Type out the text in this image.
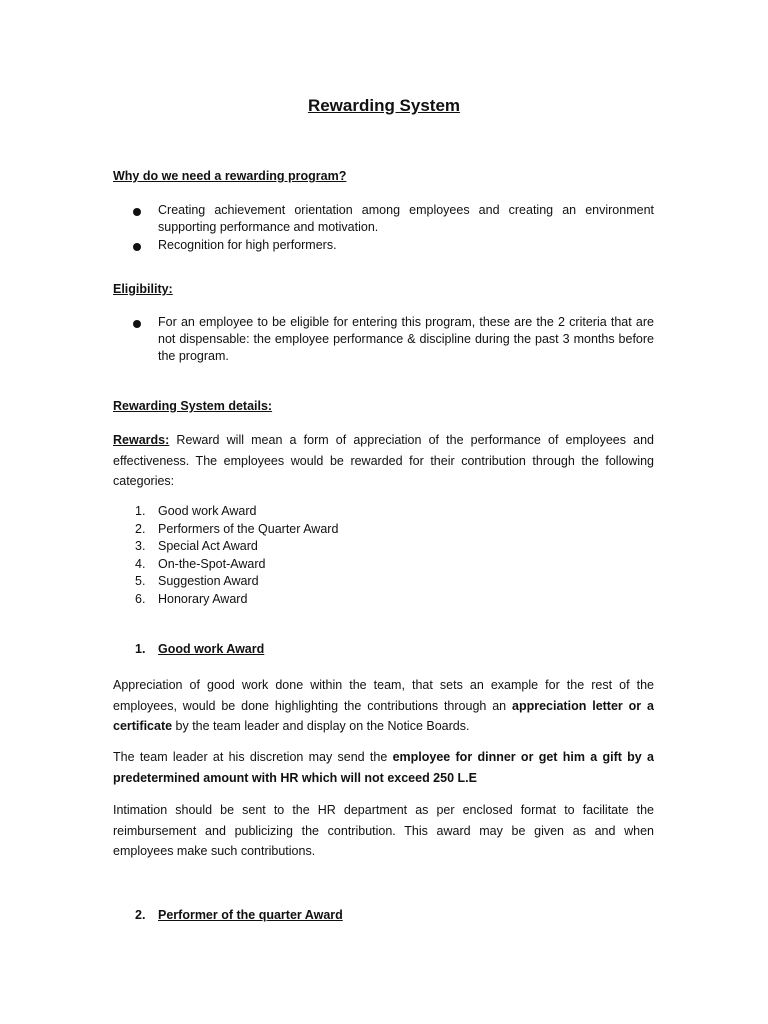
Rewarding System
Why do we need a rewarding program?
Creating achievement orientation among employees and creating an environment supporting performance and motivation.
Recognition for high performers.
Eligibility:
For an employee to be eligible for entering this program, these are the 2 criteria that are not dispensable: the employee performance & discipline during the past 3 months before the program.
Rewarding System details:
Rewards: Reward will mean a form of appreciation of the performance of employees and effectiveness. The employees would be rewarded for their contribution through the following categories:
1.	Good work Award
2.	Performers of the Quarter Award
3.	Special Act Award
4.	On-the-Spot-Award
5.	Suggestion Award
6.	Honorary Award
1. Good work Award
Appreciation of good work done within the team, that sets an example for the rest of the employees, would be done highlighting the contributions through an appreciation letter or a certificate by the team leader and display on the Notice Boards.
The team leader at his discretion may send the employee for dinner or get him a gift by a predetermined amount with HR which will not exceed 250 L.E
Intimation should be sent to the HR department as per enclosed format to facilitate the reimbursement and publicizing the contribution. This award may be given as and when employees make such contributions.
2. Performer of the quarter Award
